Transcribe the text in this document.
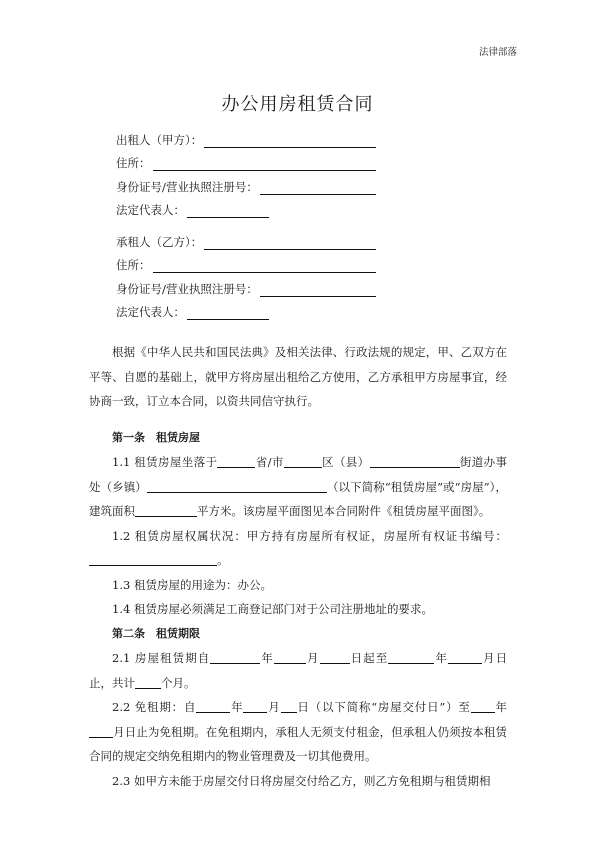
法律部落
办公用房租赁合同
出租人（甲方）：
住所：
身份证号/营业执照注册号：
法定代表人：
承租人（乙方）：
住所：
身份证号/营业执照注册号：
法定代表人：

根据《中华人民共和国民法典》及相关法律、行政法规的规定，甲、乙双方在平等、自愿的基础上，就甲方将房屋出租给乙方使用，乙方承租甲方房屋事宜，经协商一致，订立本合同，以资共同信守执行。

第一条　租赁房屋

1.1 租赁房屋坐落于	省/市	区（县）	街道办事处（乡镇）	（以下简称“租赁房屋”或“房屋”），建筑面积	平方米。该房屋平面图见本合同附件《租赁房屋平面图》。

1.2 租赁房屋权属状况：甲方持有房屋所有权证，房屋所有权证书编号：。

1.3 租赁房屋的用途为：办公。

1.4 租赁房屋必须满足工商登记部门对于公司注册地址的要求。

第二条　租赁期限

2.1 房屋租赁期自	年	月	日起至	年	月日止，共计 个月。

2.2 免租期：自	年 月 日（以下简称“房屋交付日”）至 年月日止为免租期。在免租期内，承租人无须支付租金，但承租人仍须按本租赁合同的规定交纳免租期内的物业管理费及一切其他费用。

2.3 如甲方未能于房屋交付日将房屋交付给乙方，则乙方免租期与租赁期相
